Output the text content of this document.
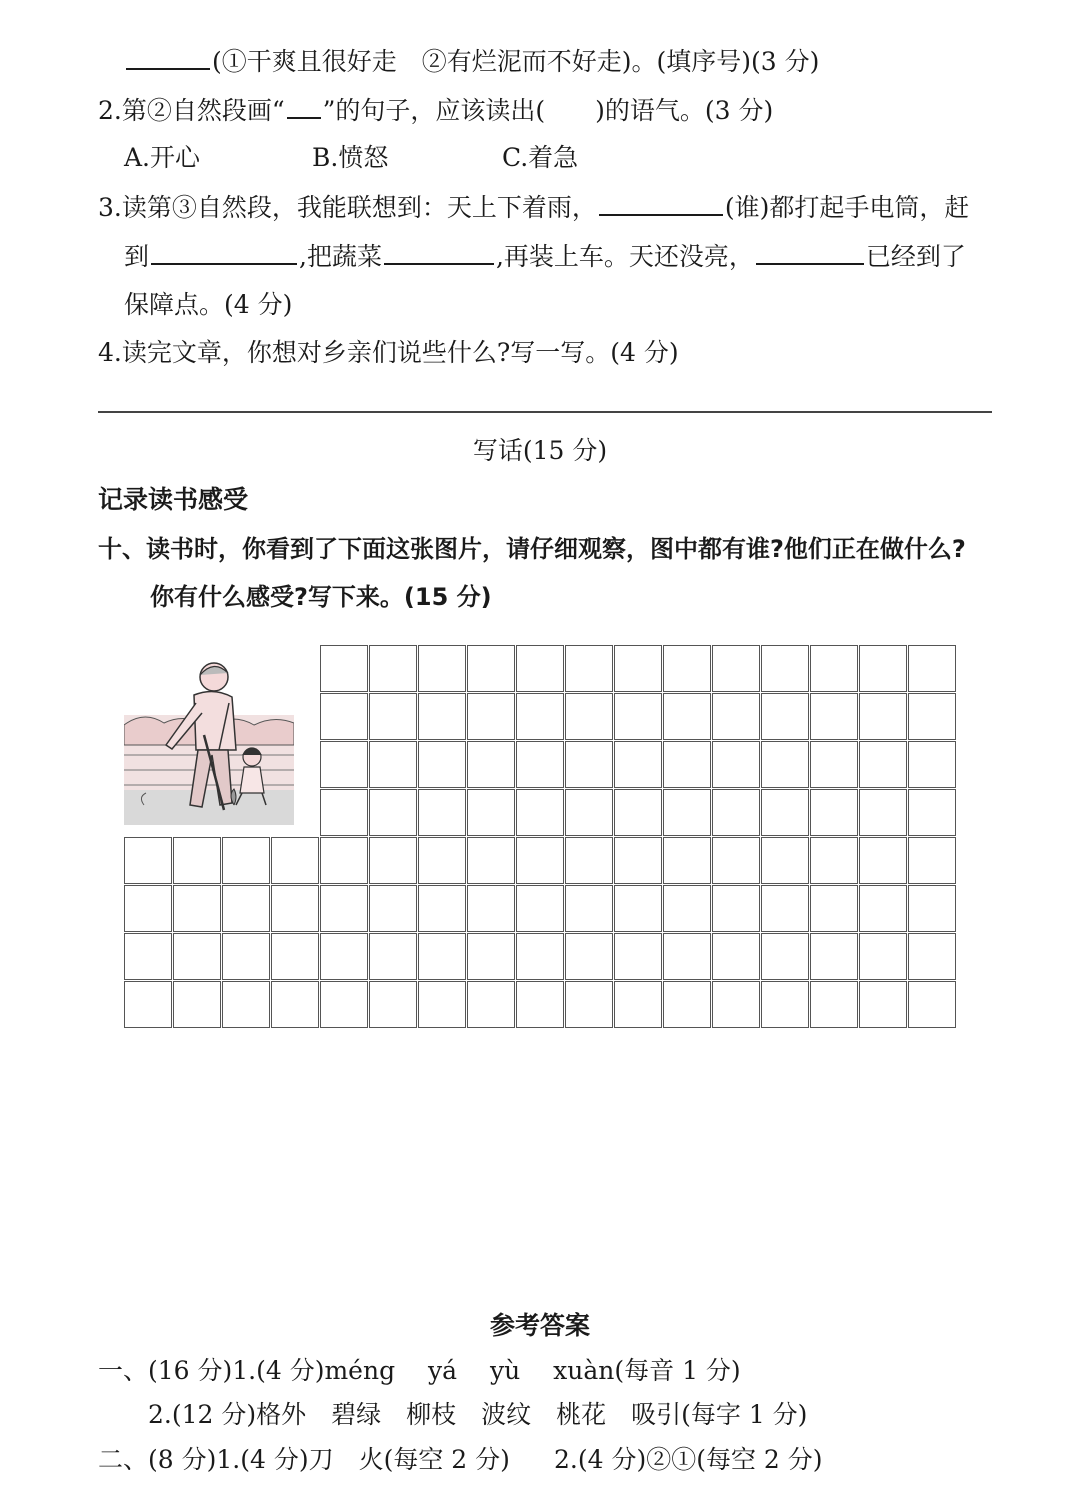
(①干爽且很好走　②有烂泥而不好走)。(填序号)(3 分)
2.第②自然段画“ ”的句子，应该读出(　　)的语气。(3 分)
A.开心	B.愤怒	C.着急
3.读第③自然段，我能联想到：天上下着雨，	(谁)都打起手电筒，赶
到	,把蔬菜	,再装上车。天还没亮，	已经到了
保障点。(4 分)
4.读完文章，你想对乡亲们说些什么?写一写。(4 分)
写话(15 分)
记录读书感受
十、读书时，你看到了下面这张图片，请仔细观察，图中都有谁?他们正在做什么?
你有什么感受?写下来。(15 分)
参考答案
一、(16 分)1.(4 分)méng　 yá　 yù　 xuàn(每音 1 分)
2.(12 分)格外　碧绿　柳枝　波纹　桃花　吸引(每字 1 分)
二、(8 分)1.(4 分)刀　火(每空 2 分) 2.(4 分)②①(每空 2 分)
